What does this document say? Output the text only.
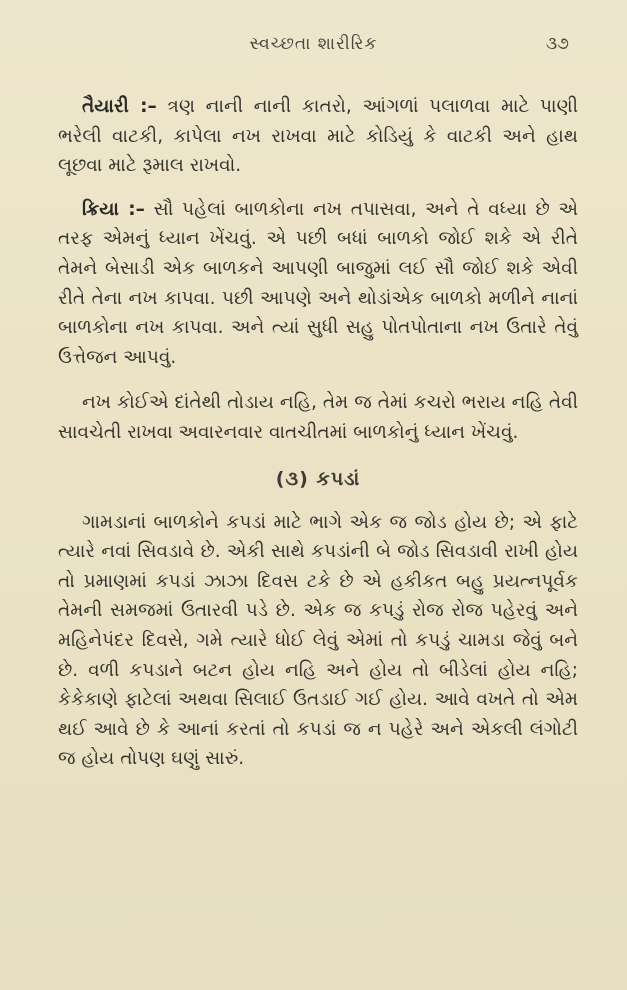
સ્વચ્છતા શારીરિક	૩૭

તૈયારી :– ત્રણ નાની નાની કાતરો, આંગળાં પલાળવા માટે પાણી ભરેલી વાટકી, કાપેલા નખ રાખવા માટે કોડિયું કે વાટકી અને હાથ લૂછવા માટે રૂમાલ રાખવો.

ક્રિયા :– સૌ પહેલાં બાળકોના નખ તપાસવા, અને તે વધ્યા છે એ તરફ એમનું ધ્યાન ખેંચવું. એ પછી બધાં બાળકો જોઈ શકે એ રીતે તેમને બેસાડી એક બાળકને આપણી બાજુમાં લઈ સૌ જોઈ શકે એવી રીતે તેના નખ કાપવા. પછી આપણે અને થોડાંએક બાળકો મળીને નાનાં બાળકોના નખ કાપવા. અને ત્યાં સુધી સહુ પોતપોતાના નખ ઉતારે તેવું ઉત્તેજન આપવું.

નખ કોઈએ દાંતેથી તોડાય નહિ, તેમ જ તેમાં કચરો ભરાય નહિ તેવી સાવચેતી રાખવા અવારનવાર વાતચીતમાં બાળકોનું ધ્યાન ખેંચવું.

(૩) કપડાં

ગામડાનાં બાળકોને કપડાં માટે ભાગે એક જ જોડ હોય છે; એ ફાટે ત્યારે નવાં સિવડાવે છે. એકી સાથે કપડાંની બે જોડ સિવડાવી રાખી હોય તો પ્રમાણમાં કપડાં ઝાઝા દિવસ ટકે છે એ હકીકત બહુ પ્રયત્નપૂર્વક તેમની સમજમાં ઉતારવી પડે છે. એક જ કપડું રોજ રોજ પહેરવું અને મહિનેપંદર દિવસે, ગમે ત્યારે ધોઈ લેવું એમાં તો કપડું ચામડા જેવું બને છે. વળી કપડાને બટન હોય નહિ અને હોય તો બીડેલાં હોય નહિ; કેકેકાણે ફાટેલાં અથવા સિલાઈ ઉતડાઈ ગઈ હોય. આવે વખતે તો એમ થઈ આવે છે કે આનાં કરતાં તો કપડાં જ ન પહેરે અને એકલી લંગોટી જ હોય તોપણ ઘણું સારું.
